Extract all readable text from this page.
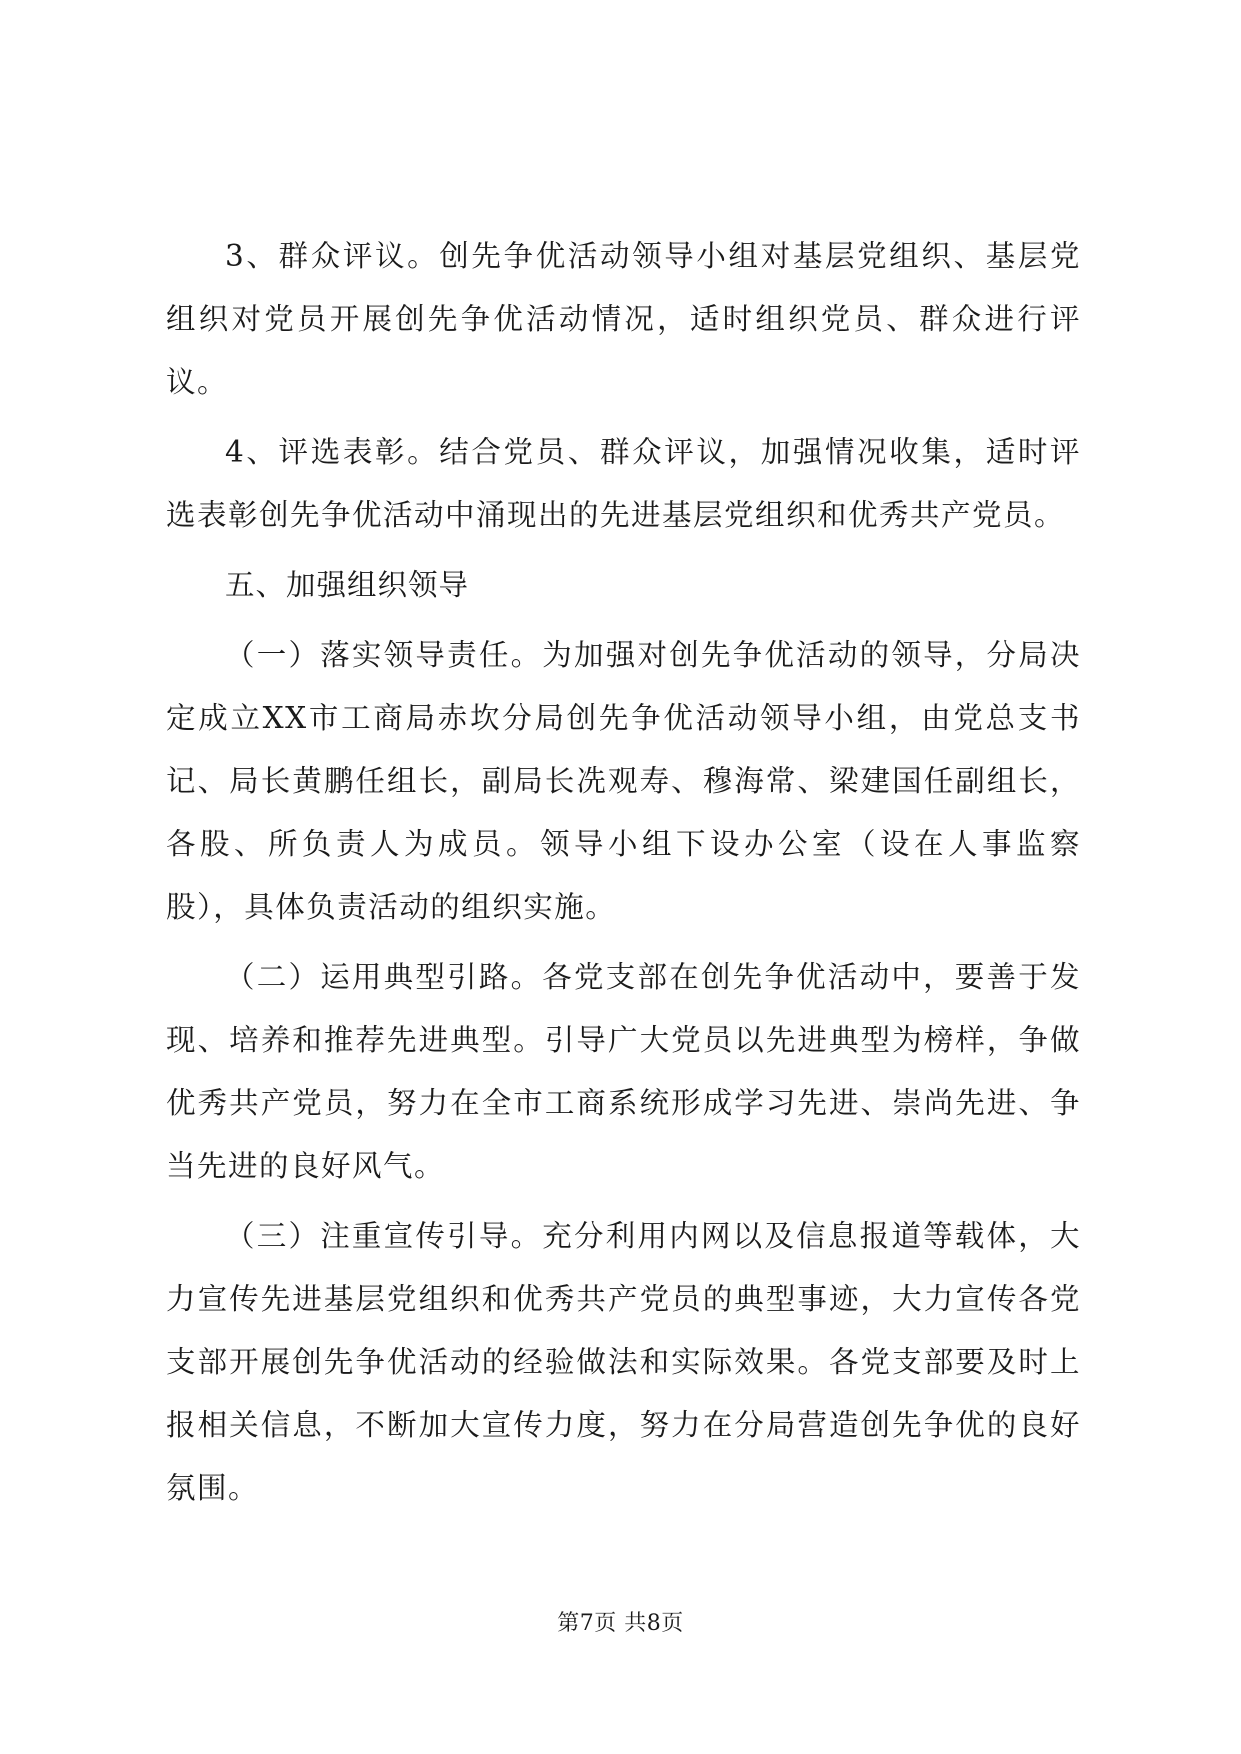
3、群众评议。创先争优活动领导小组对基层党组织、基层党组织对党员开展创先争优活动情况，适时组织党员、群众进行评议。

4、评选表彰。结合党员、群众评议，加强情况收集，适时评选表彰创先争优活动中涌现出的先进基层党组织和优秀共产党员。

五、加强组织领导

（一）落实领导责任。为加强对创先争优活动的领导，分局决定成立XX市工商局赤坎分局创先争优活动领导小组，由党总支书记、局长黄鹏任组长，副局长冼观寿、穆海常、梁建国任副组长，各股、所负责人为成员。领导小组下设办公室（设在人事监察股），具体负责活动的组织实施。

（二）运用典型引路。各党支部在创先争优活动中，要善于发现、培养和推荐先进典型。引导广大党员以先进典型为榜样，争做优秀共产党员，努力在全市工商系统形成学习先进、崇尚先进、争当先进的良好风气。

（三）注重宣传引导。充分利用内网以及信息报道等载体，大力宣传先进基层党组织和优秀共产党员的典型事迹，大力宣传各党支部开展创先争优活动的经验做法和实际效果。各党支部要及时上报相关信息，不断加大宣传力度，努力在分局营造创先争优的良好氛围。

第7页 共8页
